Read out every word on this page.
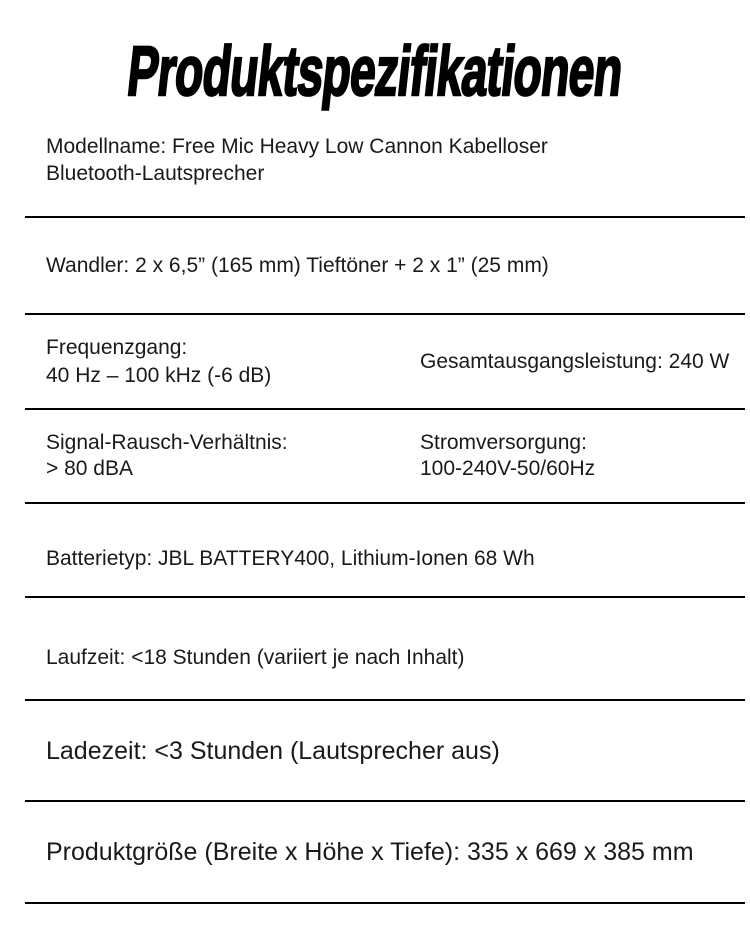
Produktspezifikationen
Modellname: Free Mic Heavy Low Cannon Kabelloser
Bluetooth-Lautsprecher
Wandler: 2 x 6,5” (165 mm) Tieftöner + 2 x 1” (25 mm)
Frequenzgang:
40 Hz – 100 kHz (-6 dB)
Gesamtausgangsleistung: 240 W
Signal-Rausch-Verhältnis:
> 80 dBA
Stromversorgung:
100-240V-50/60Hz
Batterietyp: JBL BATTERY400, Lithium-Ionen 68 Wh
Laufzeit: <18 Stunden (variiert je nach Inhalt)
Ladezeit: <3 Stunden (Lautsprecher aus)
Produktgröße (Breite x Höhe x Tiefe): 335 x 669 x 385 mm
